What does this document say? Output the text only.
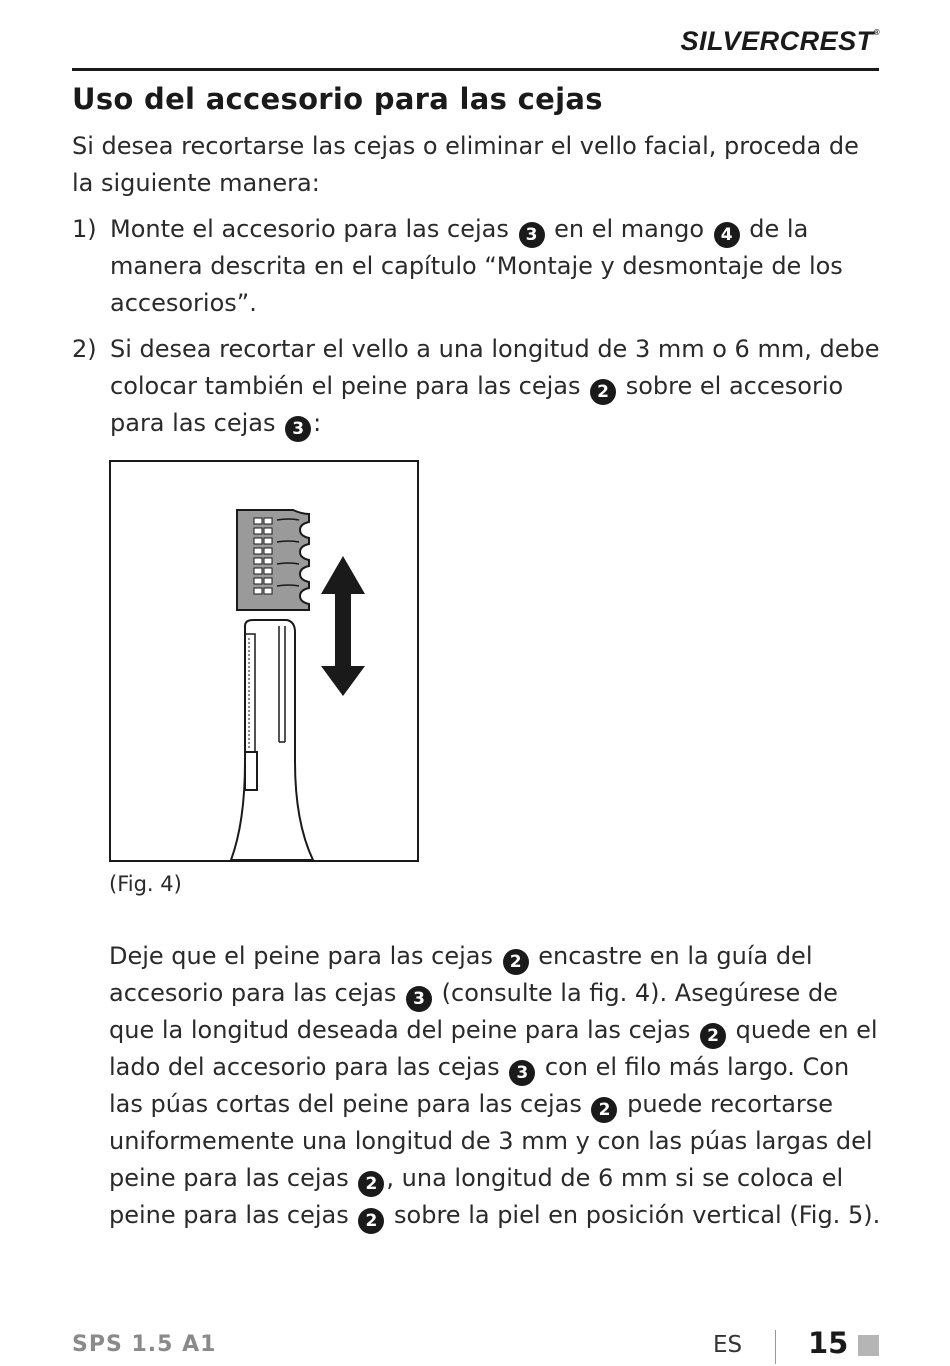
SILVERCREST®
Uso del accesorio para las cejas

Si desea recortarse las cejas o eliminar el vello facial, proceda de la siguiente manera:

1) Monte el accesorio para las cejas 3 en el mango 4 de la manera descrita en el capítulo “Montaje y desmontaje de los accesorios”.
2) Si desea recortar el vello a una longitud de 3 mm o 6 mm, debe colocar también el peine para las cejas 2 sobre el accesorio para las cejas 3 :
(Fig. 4)

Deje que el peine para las cejas 2 encastre en la guía del accesorio para las cejas 3 (consulte la fig. 4). Asegúrese de que la longitud deseada del peine para las cejas 2 quede en el lado del accesorio para las cejas 3 con el filo más largo. Con las púas cortas del peine para las cejas 2 puede recortarse uniformemente una longitud de 3 mm y con las púas largas del peine para las cejas 2 , una longitud de 6 mm si se coloca el peine para las cejas 2 sobre la piel en posición vertical (Fig. 5).

SPS 1.5 A1	ES 15
